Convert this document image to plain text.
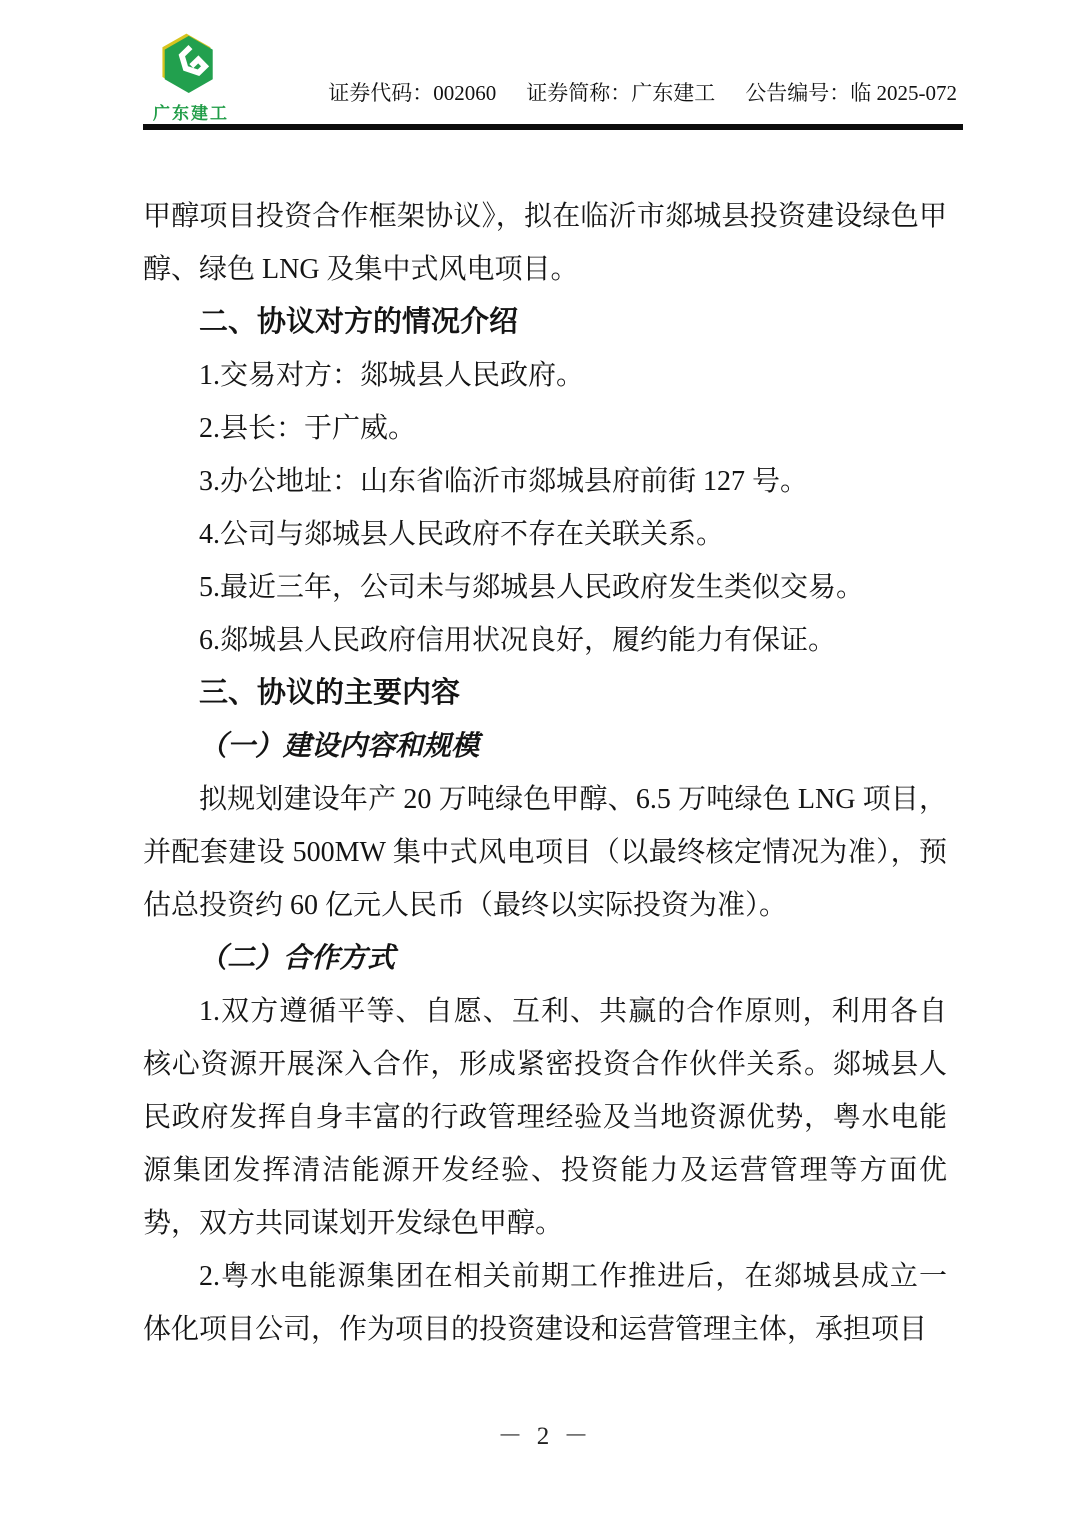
广东建工
证券代码：002060 证券简称：广东建工 公告编号：临 2025-072

甲醇项目投资合作框架协议》，拟在临沂市郯城县投资建设绿色甲醇、绿色 LNG 及集中式风电项目。

二、协议对方的情况介绍

1.交易对方：郯城县人民政府。

2.县长：于广威。

3.办公地址：山东省临沂市郯城县府前街 127 号。

4.公司与郯城县人民政府不存在关联关系。

5.最近三年，公司未与郯城县人民政府发生类似交易。

6.郯城县人民政府信用状况良好，履约能力有保证。

三、协议的主要内容
（一）建设内容和规模

拟规划建设年产 20 万吨绿色甲醇、6.5 万吨绿色 LNG 项目，并配套建设 500MW 集中式风电项目（以最终核定情况为准），预估总投资约 60 亿元人民币（最终以实际投资为准）。

（二）合作方式

1.双方遵循平等、自愿、互利、共赢的合作原则，利用各自核心资源开展深入合作，形成紧密投资合作伙伴关系。郯城县人民政府发挥自身丰富的行政管理经验及当地资源优势，粤水电能源集团发挥清洁能源开发经验、投资能力及运营管理等方面优势，双方共同谋划开发绿色甲醇。

2.粤水电能源集团在相关前期工作推进后，在郯城县成立一体化项目公司，作为项目的投资建设和运营管理主体，承担项目

－ 2 －
